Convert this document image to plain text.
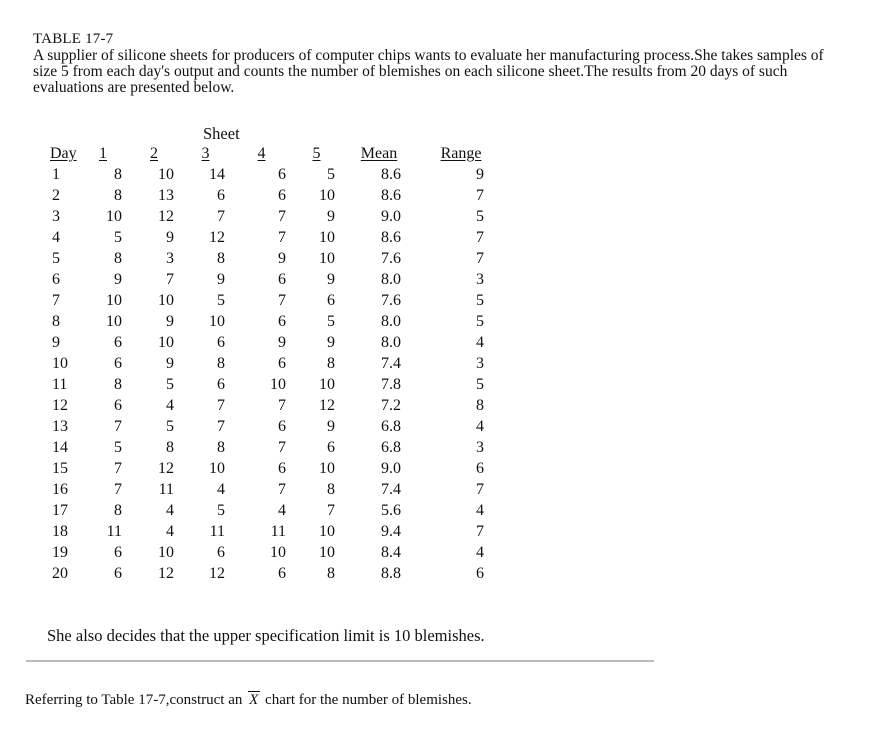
TABLE 17-7
A supplier of silicone sheets for producers of computer chips wants to evaluate her manufacturing process.She takes samples of size 5 from each day's output and counts the number of blemishes on each silicone sheet.The results from 20 days of such evaluations are presented below.
Sheet
Day	1	2	3	4	5	Mean	Range
1	8	10	14	6	5	8.6	9
2	8	13	6	6	10	8.6	7
3	10	12	7	7	9	9.0	5
4	5	9	12	7	10	8.6	7
5	8	3	8	9	10	7.6	7
6	9	7	9	6	9	8.0	3
7	10	10	5	7	6	7.6	5
8	10	9	10	6	5	8.0	5
9	6	10	6	9	9	8.0	4
10	6	9	8	6	8	7.4	3
11	8	5	6	10	10	7.8	5
12	6	4	7	7	12	7.2	8
13	7	5	7	6	9	6.8	4
14	5	8	8	7	6	6.8	3
15	7	12	10	6	10	9.0	6
16	7	11	4	7	8	7.4	7
17	8	4	5	4	7	5.6	4
18	11	4	11	11	10	9.4	7
19	6	10	6	10	10	8.4	4
20	6	12	12	6	8	8.8	6
She also decides that the upper specification limit is 10 blemishes.
Referring to Table 17-7,construct an X chart for the number of blemishes.
